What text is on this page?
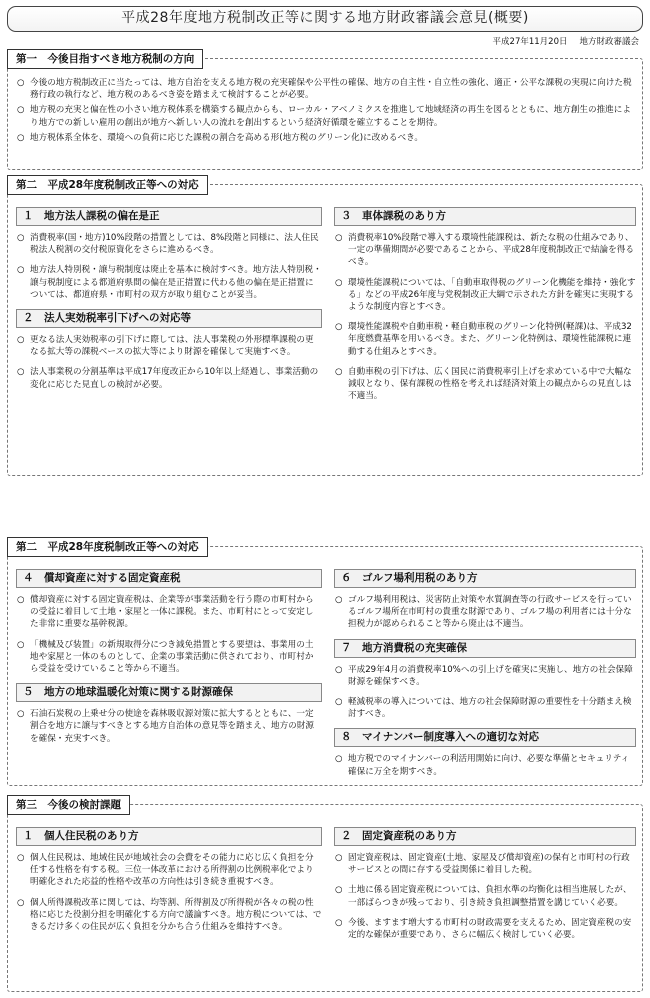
平成28年度地方税制改正等に関する地方財政審議会意見(概要)
平成27年11月20日 地方財政審議会
第一　今後目指すべき地方税制の方向
○ 今後の地方税制改正に当たっては、地方自治を支える地方税の充実確保や公平性の確保、地方の自主性・自立性の強化、適正・公平な課税の実現に向けた税務行政の執行など、地方税のあるべき姿を踏まえて検討することが必要。
○ 地方税の充実と偏在性の小さい地方税体系を構築する観点からも、ローカル・アベノミクスを推進して地域経済の再生を図るとともに、地方創生の推進により地方での新しい雇用の創出が地方へ新しい人の流れを創出するという経済好循環を確立することを期待。
○ 地方税体系全体を、環境への負荷に応じた課税の割合を高める形(地方税のグリーン化)に改めるべき。
第二　平成28年度税制改正等への対応
１　地方法人課税の偏在是正
○ 消費税率(国・地方)10%段階の措置としては、8%段階と同様に、法人住民税法人税割の交付税原資化をさらに進めるべき。
○ 地方法人特別税・譲与税制度は廃止を基本に検討すべき。地方法人特別税・譲与税制度による都道府県間の偏在是正措置に代わる他の偏在是正措置については、都道府県・市町村の双方が取り組むことが妥当。
２　法人実効税率引下げへの対応等
○ 更なる法人実効税率の引下げに際しては、法人事業税の外形標準課税の更なる拡大等の課税ベースの拡大等により財源を確保して実施すべき。
○ 法人事業税の分割基準は平成17年度改正から10年以上経過し、事業活動の変化に応じた見直しの検討が必要。
３　車体課税のあり方
○ 消費税率10%段階で導入する環境性能課税は、新たな税の仕組みであり、一定の準備期間が必要であることから、平成28年度税制改正で結論を得るべき。
○ 環境性能課税については、「自動車取得税のグリーン化機能を維持・強化する」などの平成26年度与党税制改正大綱で示された方針を確実に実現するような制度内容とすべき。
○ 環境性能課税や自動車税・軽自動車税のグリーン化特例(軽課)は、平成32年度燃費基準を用いるべき。また、グリーン化特例は、環境性能課税に連動する仕組みとすべき。
○ 自動車税の引下げは、広く国民に消費税率引上げを求めている中で大幅な減収となり、保有課税の性格を考えれば経済対策上の観点からの見直しは不適当。
第二　平成28年度税制改正等への対応
４　償却資産に対する固定資産税
○ 償却資産に対する固定資産税は、企業等が事業活動を行う際の市町村からの受益に着目して土地・家屋と一体に課税。また、市町村にとって安定した非常に重要な基幹税源。
○ 「機械及び装置」の新規取得分につき減免措置とする要望は、事業用の土地や家屋と一体のものとして、企業の事業活動に供されており、市町村から受益を受けていること等から不適当。
５　地方の地球温暖化対策に関する財源確保
○ 石油石炭税の上乗せ分の使途を森林吸収源対策に拡大するとともに、一定割合を地方に譲与すべきとする地方自治体の意見等を踏まえ、地方の財源を確保・充実すべき。
６　ゴルフ場利用税のあり方
○ ゴルフ場利用税は、災害防止対策や水質調査等の行政サービスを行っているゴルフ場所在市町村の貴重な財源であり、ゴルフ場の利用者には十分な担税力が認められること等から廃止は不適当。
７　地方消費税の充実確保
○ 平成29年4月の消費税率10%への引上げを確実に実施し、地方の社会保障財源を確保すべき。
○ 軽減税率の導入については、地方の社会保障財源の重要性を十分踏まえ検討すべき。
８　マイナンバー制度導入への適切な対応
○ 地方税でのマイナンバーの利活用開始に向け、必要な準備とセキュリティ確保に万全を期すべき。
第三　今後の検討課題
１　個人住民税のあり方
○ 個人住民税は、地域住民が地域社会の会費をその能力に応じ広く負担を分任する性格を有する税。三位一体改革における所得割の比例税率化でより明確化された応益的性格や改革の方向性は引き続き重視すべき。
○ 個人所得課税改革に関しては、均等割、所得割及び所得税が各々の税の性格に応じた役割分担を明確化する方向で議論すべき。地方税については、できるだけ多くの住民が広く負担を分かち合う仕組みを維持すべき。
２　固定資産税のあり方
○ 固定資産税は、固定資産(土地、家屋及び償却資産)の保有と市町村の行政サービスとの間に存する受益関係に着目した税。
○ 土地に係る固定資産税については、負担水準の均衡化は相当進展したが、一部ばらつきが残っており、引き続き負担調整措置を講じていく必要。
○ 今後、ますます増大する市町村の財政需要を支えるため、固定資産税の安定的な確保が重要であり、さらに幅広く検討していく必要。
